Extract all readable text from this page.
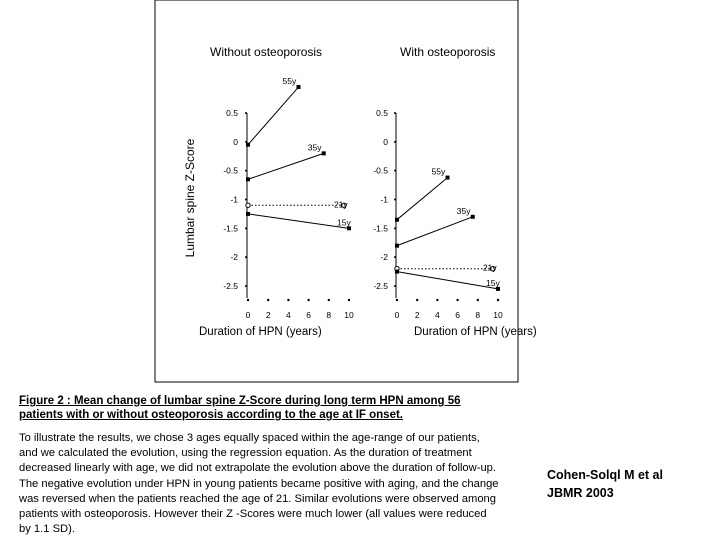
0.5
0
-0.5
-1
-1.5
-2
-2.5
0 2 4 6 8 10
55y
35y
21y
15y
0.5
0
-0.5
-1
-1.5
-2
-2.5
0 2 4 6 8 10
55y
35y
21y
15y
Without osteoporosis	With osteoporosis
Lumbar spine Z-Score
Duration of HPN (years)	Duration of HPN (years)
Figure 2 : Mean change of lumbar spine Z-Score during long term HPN among 56 patients with or without osteoporosis according to the age at IF onset.
To illustrate the results, we chose 3 ages equally spaced within the age-range of our patients, and we calculated the evolution, using the regression equation. As the duration of treatment decreased linearly with age, we did not extrapolate the evolution above the duration of follow-up. The negative evolution under HPN in young patients became positive with aging, and the change was reversed when the patients reached the age of 21. Similar evolutions were observed among patients with osteoporosis. However their Z -Scores were much lower (all values were reduced by 1.1 SD).
Cohen-Solql M et al
JBMR 2003
